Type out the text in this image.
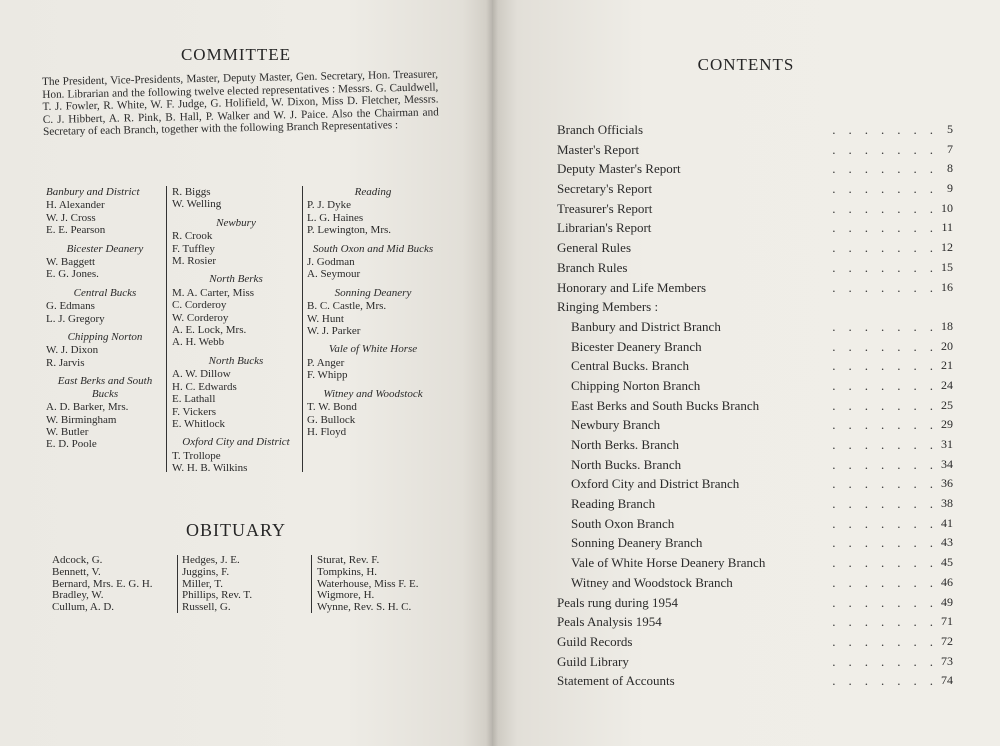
COMMITTEE

The President, Vice-Presidents, Master, Deputy Master, Gen. Secretary, Hon. Treasurer, Hon. Librarian and the following twelve elected representatives : Messrs. G. Cauldwell, T. J. Fowler, R. White, W. F. Judge, G. Holifield, W. Dixon, Miss D. Fletcher, Messrs. C. J. Hibbert, A. R. Pink, B. Hall, P. Walker and W. J. Paice. Also the Chairman and Secretary of each Branch, together with the following Branch Representatives :

Banbury and District
H. Alexander
W. J. Cross
E. E. Pearson
Bicester Deanery
W. Baggett
E. G. Jones.
Central Bucks
G. Edmans
L. J. Gregory
Chipping Norton
W. J. Dixon
R. Jarvis
East Berks and South Bucks
A. D. Barker, Mrs.
W. Birmingham
W. Butler
E. D. Poole
R. Biggs
W. Welling
Newbury
R. Crook
F. Tuffley
M. Rosier
North Berks
M. A. Carter, Miss
C. Corderoy
W. Corderoy
A. E. Lock, Mrs.
A. H. Webb
North Bucks
A. W. Dillow
H. C. Edwards
E. Lathall
F. Vickers
E. Whitlock
Oxford City and District
T. Trollope
W. H. B. Wilkins
Reading
P. J. Dyke
L. G. Haines
P. Lewington, Mrs.
South Oxon and Mid Bucks
J. Godman
A. Seymour
Sonning Deanery
B. C. Castle, Mrs.
W. Hunt
W. J. Parker
Vale of White Horse
P. Anger
F. Whipp
Witney and Woodstock
T. W. Bond
G. Bullock
H. Floyd
OBITUARY
Adcock, G.
Bennett, V.
Bernard, Mrs. E. G. H.
Bradley, W.
Cullum, A. D.
Hedges, J. E.
Juggins, F.
Miller, T.
Phillips, Rev. T.
Russell, G.
Sturat, Rev. F.
Tompkins, H.
Waterhouse, Miss F. E.
Wigmore, H.
Wynne, Rev. S. H. C.
CONTENTS
Branch Officials	. . . . . . .	5
Master's Report	. . . . . . .	7
Deputy Master's Report	. . . . . . .	8
Secretary's Report	. . . . . . .	9
Treasurer's Report	. . . . . . . 10
Librarian's Report	. . . . . . . 11
General Rules	. . . . . . . 12
Branch Rules	. . . . . . . 15
Honorary and Life Members	. . . . . . . 16
Ringing Members :
Banbury and District Branch	. . . . . . . 18
Bicester Deanery Branch	. . . . . . . 20
Central Bucks. Branch	. . . . . . . 21
Chipping Norton Branch	. . . . . . . 24
East Berks and South Bucks Branch	. . . . . . . 25
Newbury Branch	. . . . . . . 29
North Berks. Branch	. . . . . . . 31
North Bucks. Branch	. . . . . . . 34
Oxford City and District Branch	. . . . . . . 36
Reading Branch	. . . . . . . 38
South Oxon Branch	. . . . . . . 41
Sonning Deanery Branch	. . . . . . . 43
Vale of White Horse Deanery Branch	. . . . . . . 45
Witney and Woodstock Branch	. . . . . . . 46
Peals rung during 1954	. . . . . . . 49
Peals Analysis 1954	. . . . . . . 71
Guild Records	. . . . . . . 72
Guild Library	. . . . . . . 73
Statement of Accounts	. . . . . . . 74
